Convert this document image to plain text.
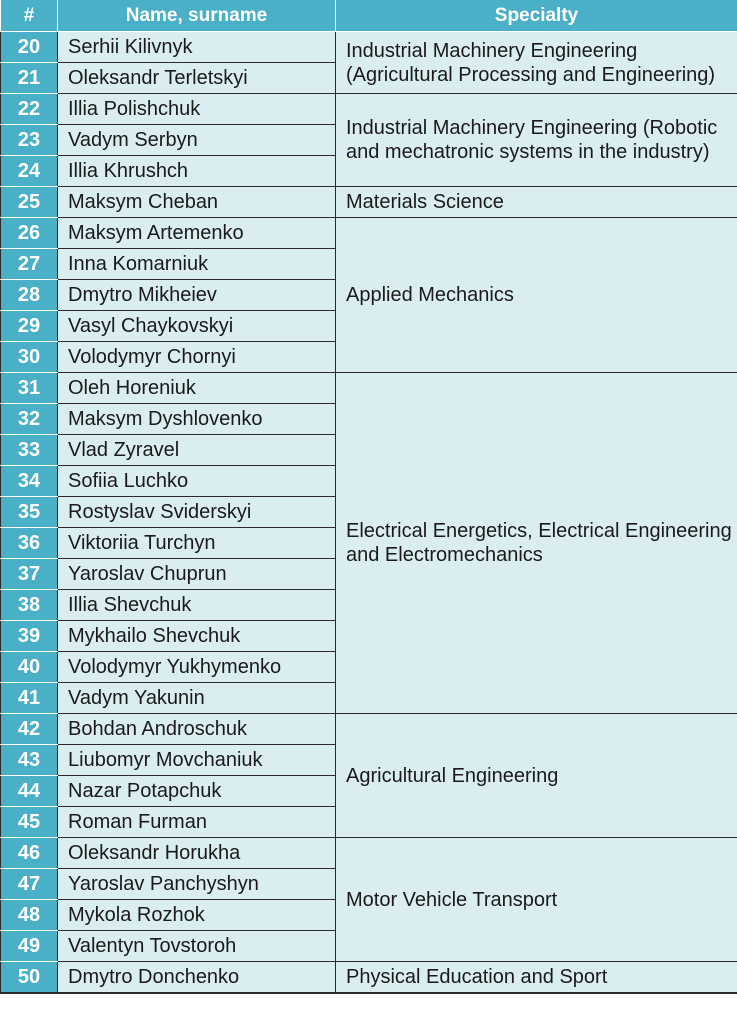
#	Name, surname	Specialty
20	Serhii Kilivnyk	Industrial Machinery Engineering (Agricultural Processing and Engineering)
21	Oleksandr Terletskyi	
22	Illia Polishchuk	Industrial Machinery Engineering (Robotic and mechatronic systems in the industry)
23	Vadym Serbyn	
24	Illia Khrushch	
25	Maksym Cheban	Materials Science
26	Maksym Artemenko	Applied Mechanics
27	Inna Komarniuk	
28	Dmytro Mikheiev	
29	Vasyl Chaykovskyi	
30	Volodymyr Chornyi	
31	Oleh Horeniuk	Electrical Energetics, Electrical Engineering and Electromechanics
32	Maksym Dyshlovenko	
33	Vlad Zyravel	
34	Sofiia Luchko	
35	Rostyslav Sviderskyi	
36	Viktoriia Turchyn	
37	Yaroslav Chuprun	
38	Illia Shevchuk	
39	Mykhailo Shevchuk	
40	Volodymyr Yukhymenko	
41	Vadym Yakunin	
42	Bohdan Androschuk	Agricultural Engineering
43	Liubomyr Movchaniuk	
44	Nazar Potapchuk	
45	Roman Furman	
46	Oleksandr Horukha	Motor Vehicle Transport
47	Yaroslav Panchyshyn	
48	Mykola Rozhok	
49	Valentyn Tovstoroh	
50	Dmytro Donchenko	Physical Education and Sport
